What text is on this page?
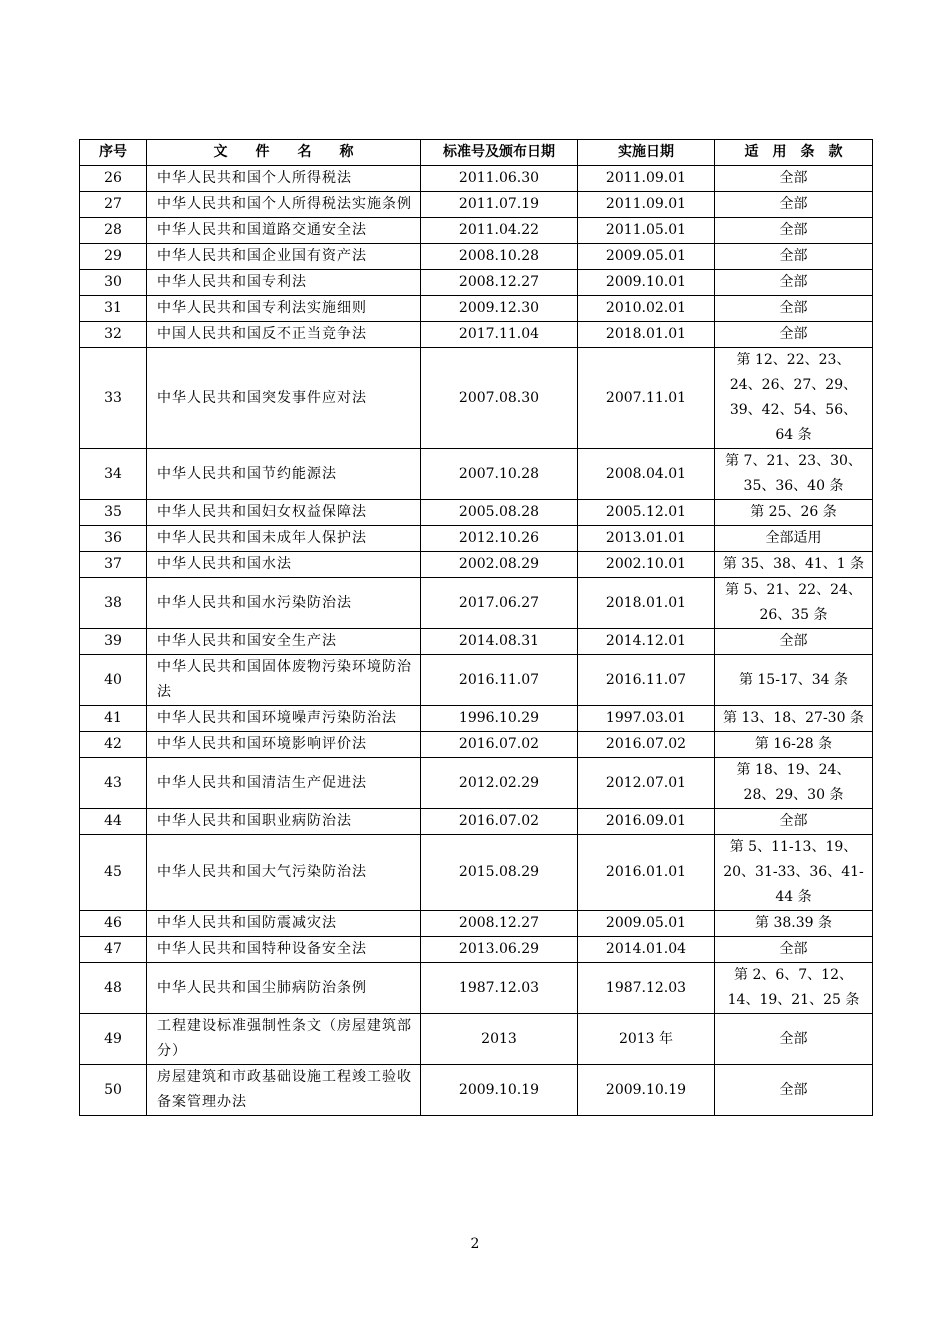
序号	文　　件　　名　　称	标准号及颁布日期	实施日期	适　用　条　款
26	中华人民共和国个人所得税法	2011.06.30	2011.09.01	全部
27	中华人民共和国个人所得税法实施条例	2011.07.19	2011.09.01	全部
28	中华人民共和国道路交通安全法	2011.04.22	2011.05.01	全部
29	中华人民共和国企业国有资产法	2008.10.28	2009.05.01	全部
30	中华人民共和国专利法	2008.12.27	2009.10.01	全部
31	中华人民共和国专利法实施细则	2009.12.30	2010.02.01	全部
32	中国人民共和国反不正当竞争法	2017.11.04	2018.01.01	全部
33	中华人民共和国突发事件应对法	2007.08.30	2007.11.01	第 12、22、23、24、26、27、29、39、42、54、56、64 条
34	中华人民共和国节约能源法	2007.10.28	2008.04.01	第 7、21、23、30、35、36、40 条
35	中华人民共和国妇女权益保障法	2005.08.28	2005.12.01	第 25、26 条
36	中华人民共和国未成年人保护法	2012.10.26	2013.01.01	全部适用
37	中华人民共和国水法	2002.08.29	2002.10.01	第 35、38、41、1 条
38	中华人民共和国水污染防治法	2017.06.27	2018.01.01	第 5、21、22、24、26、35 条
39	中华人民共和国安全生产法	2014.08.31	2014.12.01	全部
40	中华人民共和国固体废物污染环境防治法	2016.11.07	2016.11.07	第 15-17、34 条
41	中华人民共和国环境噪声污染防治法	1996.10.29	1997.03.01	第 13、18、27-30 条
42	中华人民共和国环境影响评价法	2016.07.02	2016.07.02	第 16-28 条
43	中华人民共和国清洁生产促进法	2012.02.29	2012.07.01	第 18、19、24、28、29、30 条
44	中华人民共和国职业病防治法	2016.07.02	2016.09.01	全部
45	中华人民共和国大气污染防治法	2015.08.29	2016.01.01	第 5、11-13、19、20、31-33、36、41-44 条
46	中华人民共和国防震减灾法	2008.12.27	2009.05.01	第 38.39 条
47	中华人民共和国特种设备安全法	2013.06.29	2014.01.04	全部
48	中华人民共和国尘肺病防治条例	1987.12.03	1987.12.03	第 2、6、7、12、14、19、21、25 条
49	工程建设标准强制性条文（房屋建筑部分）	2013	2013 年	全部
50	房屋建筑和市政基础设施工程竣工验收备案管理办法	2009.10.19	2009.10.19	全部
2
